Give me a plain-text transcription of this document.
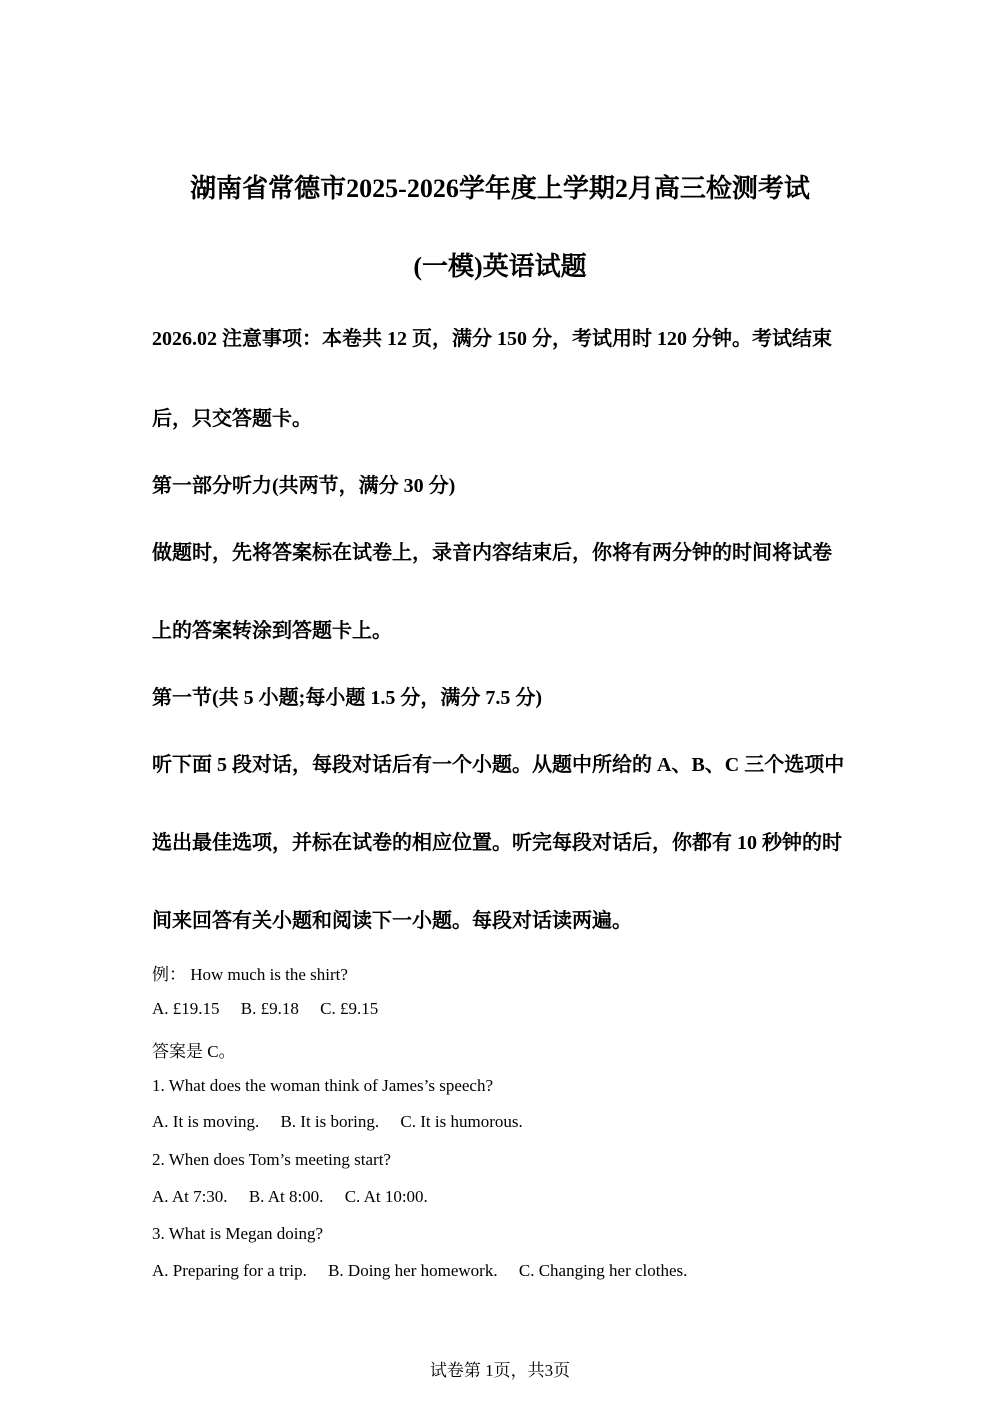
湖南省常德市2025-2026学年度上学期2月高三检测考试
(一模)英语试题
2026.02 注意事项：本卷共 12 页，满分 150 分，考试用时 120 分钟。考试结束
后，只交答题卡。
第一部分听力(共两节，满分 30 分)
做题时，先将答案标在试卷上，录音内容结束后，你将有两分钟的时间将试卷
上的答案转涂到答题卡上。
第一节(共 5 小题;每小题 1.5 分，满分 7.5 分)
听下面 5 段对话，每段对话后有一个小题。从题中所给的 A、B、C 三个选项中
选出最佳选项，并标在试卷的相应位置。听完每段对话后，你都有 10 秒钟的时
间来回答有关小题和阅读下一小题。每段对话读两遍。
例： How much is the shirt?
A. £19.15 B. £9.18 C. £9.15
答案是 C。
1. What does the woman think of James’s speech?
A. It is moving. B. It is boring. C. It is humorous.
2. When does Tom’s meeting start?
A. At 7:30. B. At 8:00. C. At 10:00.
3. What is Megan doing?
A. Preparing for a trip. B. Doing her homework. C. Changing her clothes.
试卷第 1页，共3页
